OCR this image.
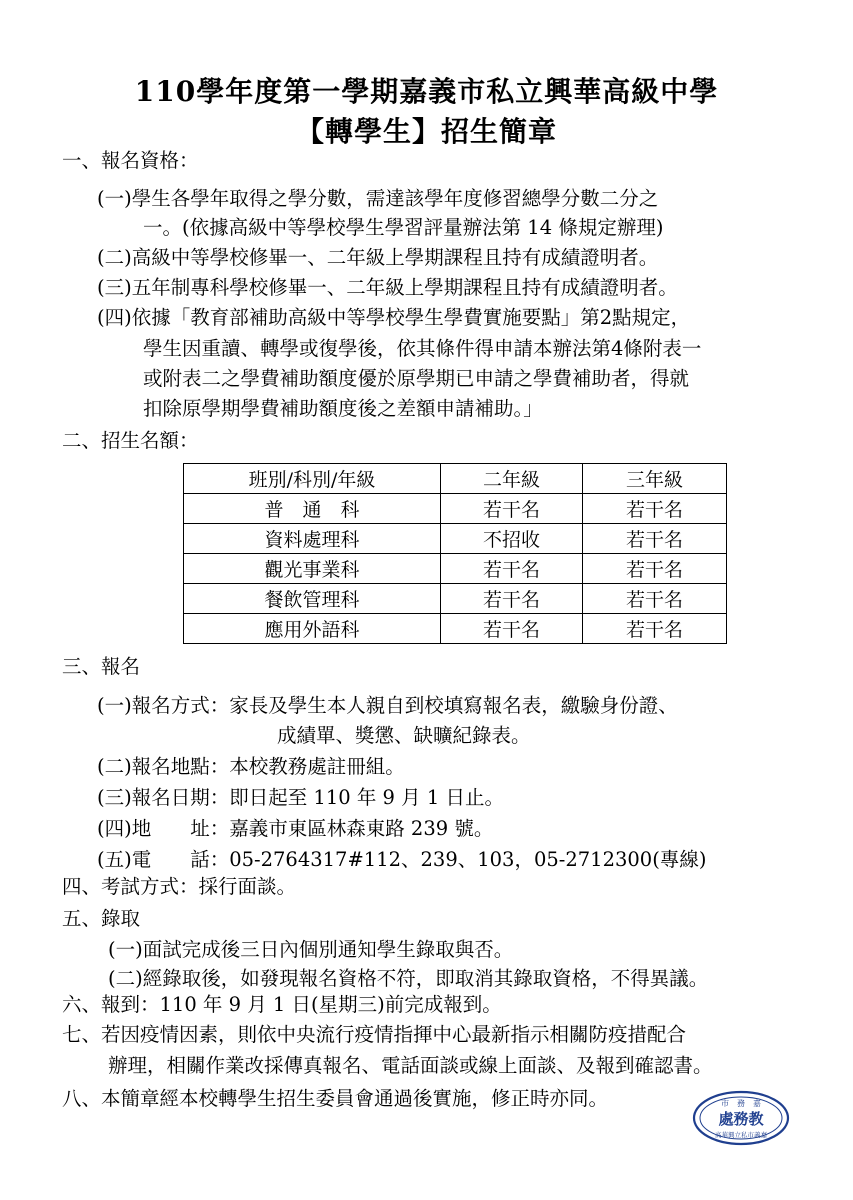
110學年度第一學期嘉義市私立興華高級中學
【轉學生】招生簡章
一、報名資格：
(一)學生各學年取得之學分數，需達該學年度修習總學分數二分之
一。(依據高級中等學校學生學習評量辦法第 14 條規定辦理)
(二)高級中等學校修畢一、二年級上學期課程且持有成績證明者。
(三)五年制專科學校修畢一、二年級上學期課程且持有成績證明者。
(四)依據「教育部補助高級中等學校學生學費實施要點」第2點規定，
學生因重讀、轉學或復學後，依其條件得申請本辦法第4條附表一
或附表二之學費補助額度優於原學期已申請之學費補助者，得就
扣除原學期學費補助額度後之差額申請補助。」
二、招生名額：
班別/科別/年級	二年級	三年級
普　通　科	若干名	若干名
資料處理科	不招收	若干名
觀光事業科	若干名	若干名
餐飲管理科	若干名	若干名
應用外語科	若干名	若干名
三、報名
(一)報名方式：家長及學生本人親自到校填寫報名表，繳驗身份證、
成績單、獎懲、缺曠紀錄表。
(二)報名地點：本校教務處註冊組。
(三)報名日期：即日起至 110 年 9 月 1 日止。
(四)地　　址：嘉義市東區林森東路 239 號。
(五)電　　話：05-2764317#112、239、103，05-2712300(專線)
四、考試方式：採行面談。
五、錄取
(一)面試完成後三日內個別通知學生錄取與否。
(二)經錄取後，如發現報名資格不符，即取消其錄取資格，不得異議。
六、報到：110 年 9 月 1 日(星期三)前完成報到。
七、若因疫情因素，則依中央流行疫情指揮中心最新指示相關防疫措配合
辦理，相關作業改採傳真報名、電話面談或線上面談、及報到確認書。
八、本簡章經本校轉學生招生委員會通過後實施，修正時亦同。	市　務　嘉
處務教
高華興立私市義嘉
